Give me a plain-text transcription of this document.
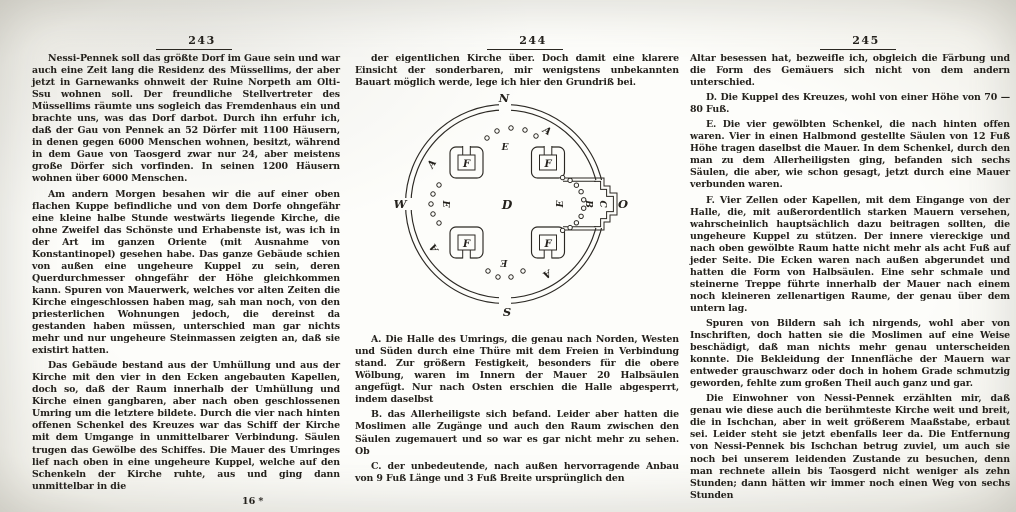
243

Nessi-Pennek soll das größte Dorf im Gaue sein und war auch eine Zeit lang die Residenz des Müssellims, der aber jetzt in Garnewanks ohnweit der Ruine Norpeth am Olti-Ssu wohnen soll. Der freundliche Stellvertreter des Müssellims räumte uns sogleich das Fremdenhaus ein und brachte uns, was das Dorf darbot. Durch ihn erfuhr ich, daß der Gau von Pennek an 52 Dörfer mit 1100 Häusern, in denen gegen 6000 Menschen wohnen, besitzt, während in dem Gaue von Taosgerd zwar nur 24, aber meistens große Dörfer sich vorfinden. In seinen 1200 Häusern wohnen über 6000 Menschen.

Am andern Morgen besahen wir die auf einer oben flachen Kuppe befindliche und von dem Dorfe ohngefähr eine kleine halbe Stunde westwärts liegende Kirche, die ohne Zweifel das Schönste und Erhabenste ist, was ich in der Art im ganzen Oriente (mit Ausnahme von Konstantinopel) gesehen habe. Das ganze Gebäude schien von außen eine ungeheure Kuppel zu sein, deren Querdurchmesser ohngefähr der Höhe gleichkommen kann. Spuren von Mauerwerk, welches vor alten Zeiten die Kirche eingeschlossen haben mag, sah man noch, von den priesterlichen Wohnungen jedoch, die dereinst da gestanden haben müssen, unterschied man gar nichts mehr und nur ungeheure Steinmassen zeigten an, daß sie existirt hatten.

Das Gebäude bestand aus der Umhüllung und aus der Kirche mit den vier in den Ecken angebauten Kapellen, doch so, daß der Raum innerhalb der Umhüllung und Kirche einen gangbaren, aber nach oben geschlossenen Umring um die letztere bildete. Durch die vier nach hinten offenen Schenkel des Kreuzes war das Schiff der Kirche mit dem Umgange in unmittelbarer Verbindung. Säulen trugen das Gewölbe des Schiffes. Die Mauer des Umringes lief nach oben in eine ungeheure Kuppel, welche auf den Schenkeln der Kirche ruhte, aus und ging dann unmittelbar in die

16 *

244

der eigentlichen Kirche über. Doch damit eine klarere Einsicht der sonderbaren, mir wenigstens unbekannten Bauart möglich werde, lege ich hier den Grundriß bei.

F	F
F	F
N
S
W	O
A
A
A
A
E
E	E
E
B C
D

A. Die Halle des Umrings, die genau nach Norden, Westen und Süden durch eine Thüre mit dem Freien in Verbindung stand. Zur größern Festigkeit, besonders für die obere Wölbung, waren im Innern der Mauer 20 Halbsäulen angefügt. Nur nach Osten erschien die Halle abgesperrt, indem daselbst

B. das Allerheiligste sich befand. Leider aber hatten die Moslimen alle Zugänge und auch den Raum zwischen den Säulen zugemauert und so war es gar nicht mehr zu sehen. Ob

C. der unbedeutende, nach außen hervorragende Anbau von 9 Fuß Länge und 3 Fuß Breite ursprünglich den

245

Altar besessen hat, bezweifle ich, obgleich die Färbung und die Form des Gemäuers sich nicht von dem andern unterschied.

D. Die Kuppel des Kreuzes, wohl von einer Höhe von 70 — 80 Fuß.

E. Die vier gewölbten Schenkel, die nach hinten offen waren. Vier in einen Halbmond gestellte Säulen von 12 Fuß Höhe tragen daselbst die Mauer. In dem Schenkel, durch den man zu dem Allerheiligsten ging, befanden sich sechs Säulen, die aber, wie schon gesagt, jetzt durch eine Mauer verbunden waren.

F. Vier Zellen oder Kapellen, mit dem Eingange von der Halle, die, mit außerordentlich starken Mauern versehen, wahrscheinlich hauptsächlich dazu beitragen sollten, die ungeheure Kuppel zu stützen. Der innere viereckige und nach oben gewölbte Raum hatte nicht mehr als acht Fuß auf jeder Seite. Die Ecken waren nach außen abgerundet und hatten die Form von Halbsäulen. Eine sehr schmale und steinerne Treppe führte innerhalb der Mauer nach einem noch kleineren zellenartigen Raume, der genau über dem untern lag.

Spuren von Bildern sah ich nirgends, wohl aber von Inschriften, doch hatten sie die Moslimen auf eine Weise beschädigt, daß man nichts mehr genau unterscheiden konnte. Die Bekleidung der Innenfläche der Mauern war entweder grauschwarz oder doch in hohem Grade schmutzig geworden, fehlte zum großen Theil auch ganz und gar.

Die Einwohner von Nessi-Pennek erzählten mir, daß genau wie diese auch die berühmteste Kirche weit und breit, die in Ischchan, aber in weit größerem Maaßstabe, erbaut sei. Leider steht sie jetzt ebenfalls leer da. Die Entfernung von Nessi-Pennek bis Ischchan betrug zuviel, um auch sie noch bei unserem leidenden Zustande zu besuchen, denn man rechnete allein bis Taosgerd nicht weniger als zehn Stunden; dann hätten wir immer noch einen Weg von sechs Stunden
